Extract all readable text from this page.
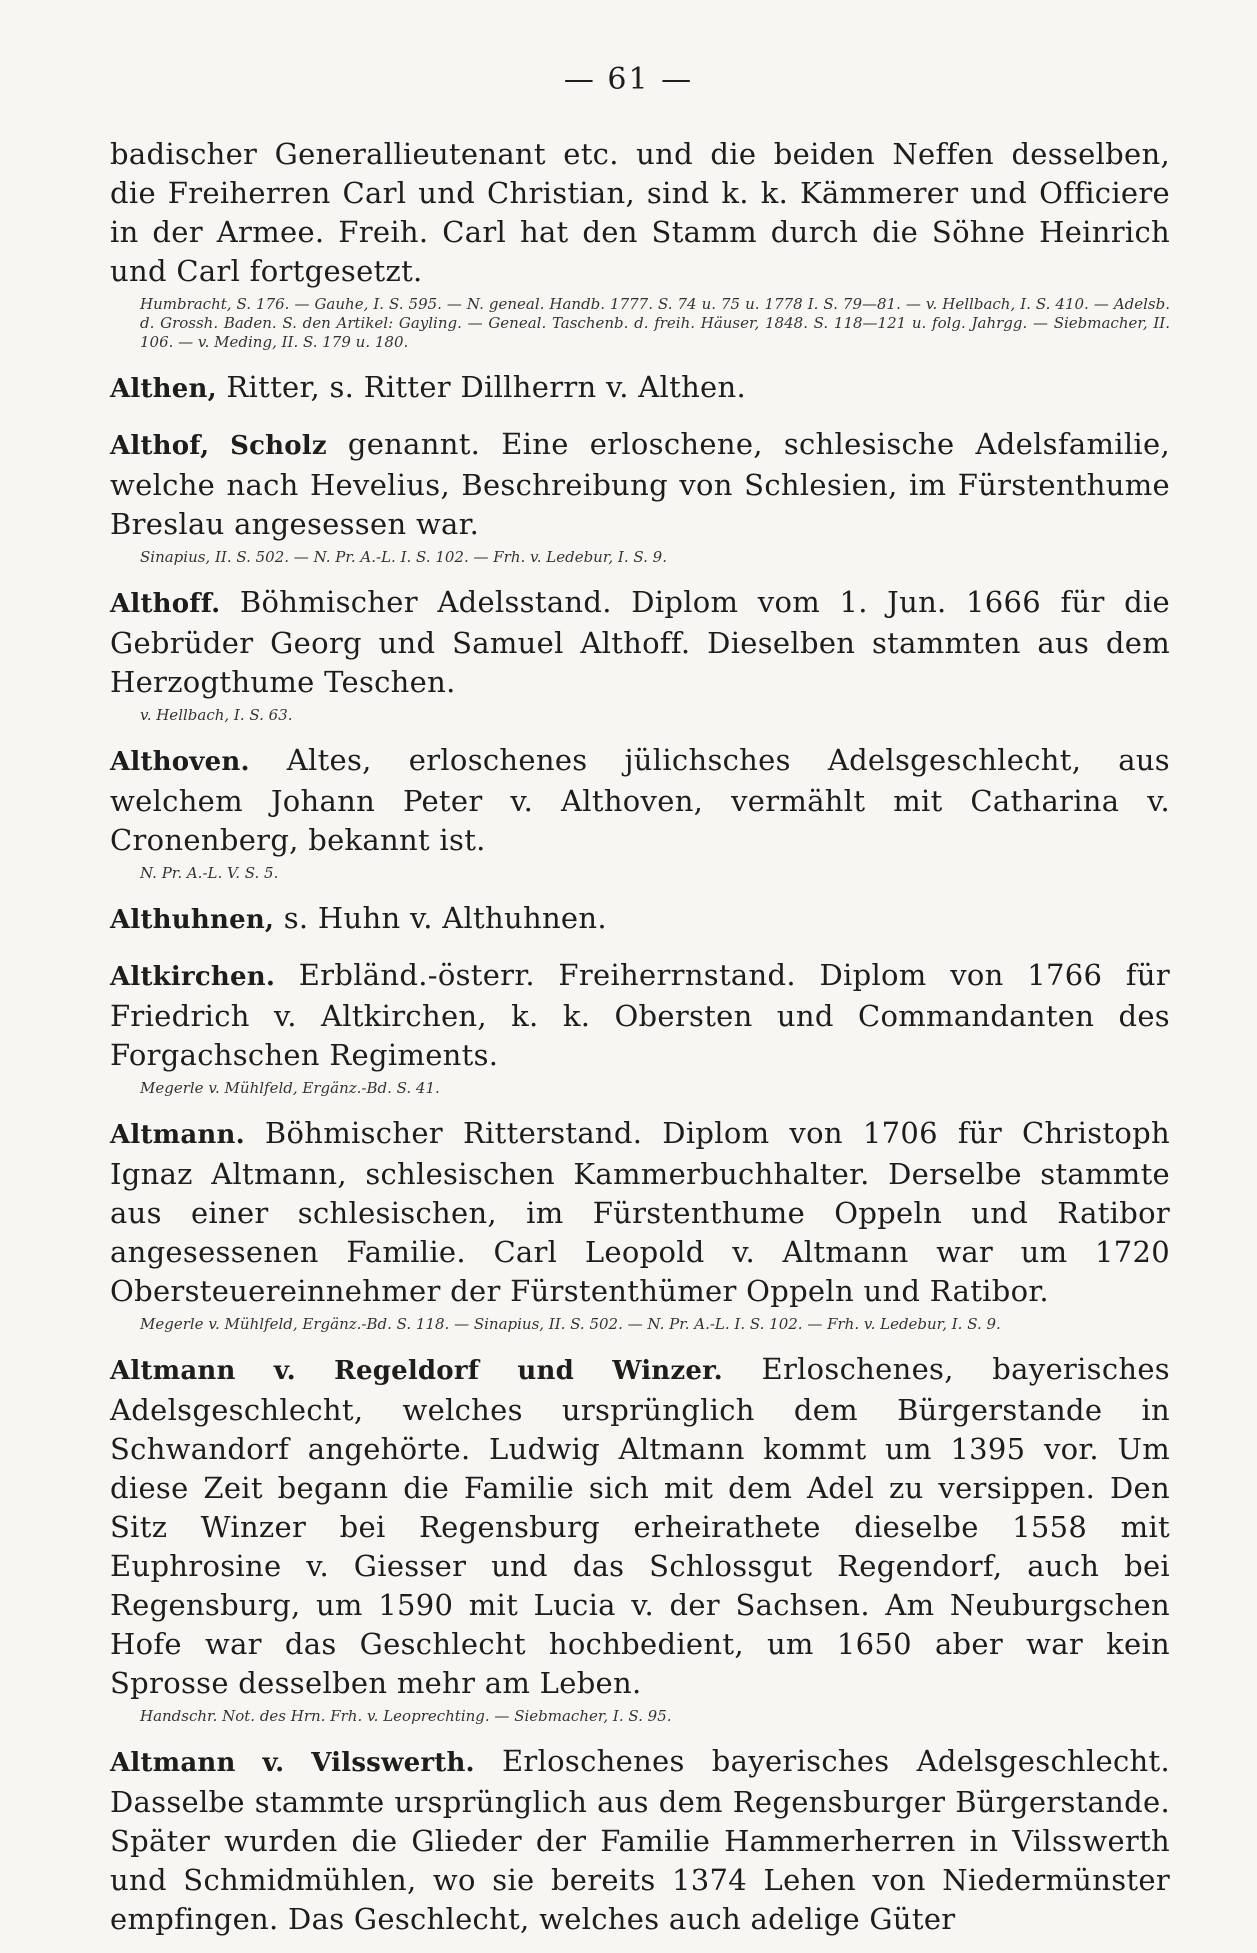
— 61 —

badischer Generallieutenant etc. und die beiden Neffen desselben, die Freiherren Carl und Christian, sind k. k. Kämmerer und Officiere in der Armee. Freih. Carl hat den Stamm durch die Söhne Heinrich und Carl fortgesetzt.

Humbracht, S. 176. — Gauhe, I. S. 595. — N. geneal. Handb. 1777. S. 74 u. 75 u. 1778 I. S. 79—81. — v. Hellbach, I. S. 410. — Adelsb. d. Grossh. Baden. S. den Artikel: Gayling. — Geneal. Taschenb. d. freih. Häuser, 1848. S. 118—121 u. folg. Jahrgg. — Siebmacher, II. 106. — v. Meding, II. S. 179 u. 180.

Althen, Ritter, s. Ritter Dillherrn v. Althen.

Althof, Scholz genannt. Eine erloschene, schlesische Adelsfamilie, welche nach Hevelius, Beschreibung von Schlesien, im Fürstenthume Breslau angesessen war.

Sinapius, II. S. 502. — N. Pr. A.-L. I. S. 102. — Frh. v. Ledebur, I. S. 9.

Althoff. Böhmischer Adelsstand. Diplom vom 1. Jun. 1666 für die Gebrüder Georg und Samuel Althoff. Dieselben stammten aus dem Herzogthume Teschen.

v. Hellbach, I. S. 63.

Althoven. Altes, erloschenes jülichsches Adelsgeschlecht, aus welchem Johann Peter v. Althoven, vermählt mit Catharina v. Cronenberg, bekannt ist.

N. Pr. A.-L. V. S. 5.

Althuhnen, s. Huhn v. Althuhnen.

Altkirchen. Erbländ.-österr. Freiherrnstand. Diplom von 1766 für Friedrich v. Altkirchen, k. k. Obersten und Commandanten des Forgachschen Regiments.

Megerle v. Mühlfeld, Ergänz.-Bd. S. 41.

Altmann. Böhmischer Ritterstand. Diplom von 1706 für Christoph Ignaz Altmann, schlesischen Kammerbuchhalter. Derselbe stammte aus einer schlesischen, im Fürstenthume Oppeln und Ratibor angesessenen Familie. Carl Leopold v. Altmann war um 1720 Obersteuereinnehmer der Fürstenthümer Oppeln und Ratibor.

Megerle v. Mühlfeld, Ergänz.-Bd. S. 118. — Sinapius, II. S. 502. — N. Pr. A.-L. I. S. 102. — Frh. v. Ledebur, I. S. 9.

Altmann v. Regeldorf und Winzer. Erloschenes, bayerisches Adelsgeschlecht, welches ursprünglich dem Bürgerstande in Schwandorf angehörte. Ludwig Altmann kommt um 1395 vor. Um diese Zeit begann die Familie sich mit dem Adel zu versippen. Den Sitz Winzer bei Regensburg erheirathete dieselbe 1558 mit Euphrosine v. Giesser und das Schlossgut Regendorf, auch bei Regensburg, um 1590 mit Lucia v. der Sachsen. Am Neuburgschen Hofe war das Geschlecht hochbedient, um 1650 aber war kein Sprosse desselben mehr am Leben.

Handschr. Not. des Hrn. Frh. v. Leoprechting. — Siebmacher, I. S. 95.

Altmann v. Vilsswerth. Erloschenes bayerisches Adelsgeschlecht. Dasselbe stammte ursprünglich aus dem Regensburger Bürgerstande. Später wurden die Glieder der Familie Hammerherren in Vilsswerth und Schmidmühlen, wo sie bereits 1374 Lehen von Niedermünster empfingen. Das Geschlecht, welches auch adelige Güter
